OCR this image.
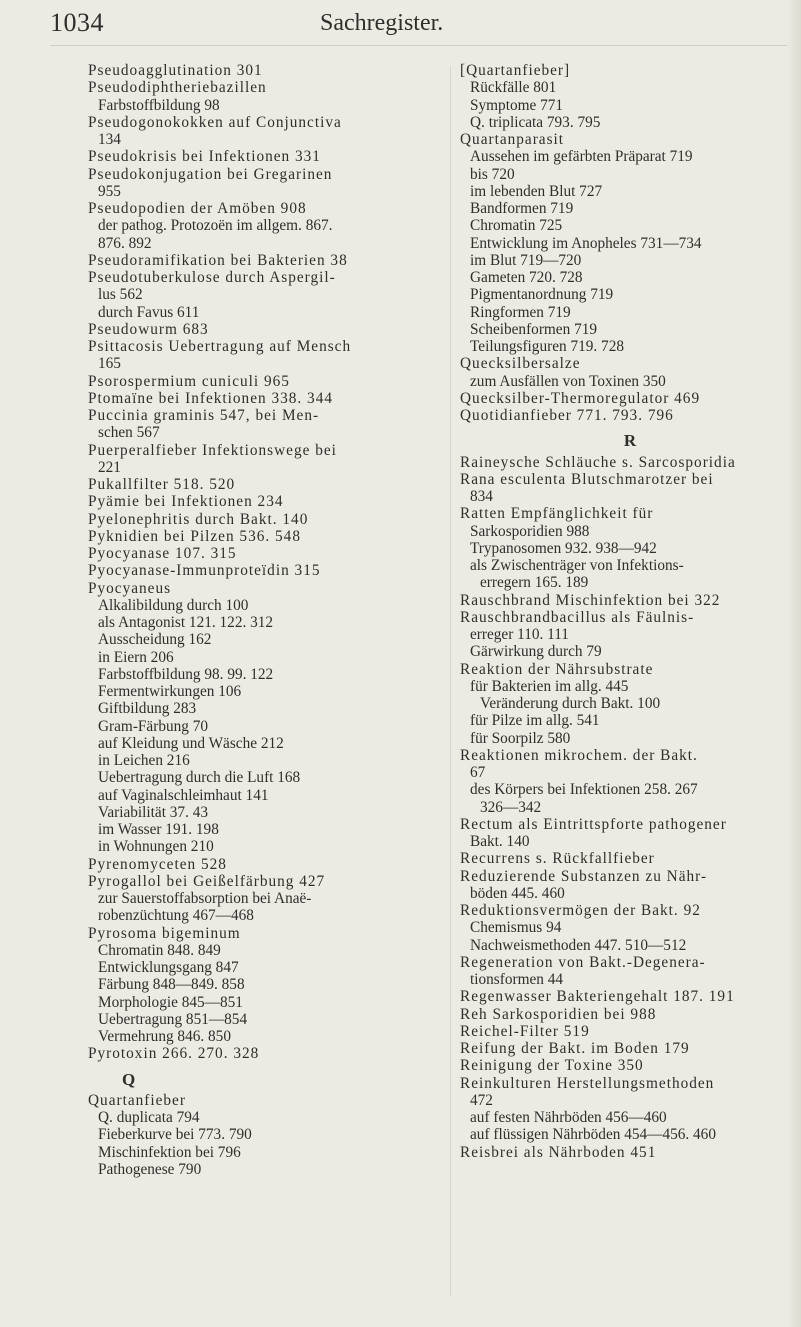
1034	Sachregister.
Pseudoagglutination 301
Pseudodiphtheriebazillen
Farbstoffbildung 98
Pseudogonokokken auf Conjunctiva
134
Pseudokrisis bei Infektionen 331
Pseudokonjugation bei Gregarinen
955
Pseudopodien der Amöben 908
der pathog. Protozoën im allgem. 867.
876. 892
Pseudoramifikation bei Bakterien 38
Pseudotuberkulose durch Aspergil-
lus 562
durch Favus 611
Pseudowurm 683
Psittacosis Uebertragung auf Mensch
165
Psorospermium cuniculi 965
Ptomaïne bei Infektionen 338. 344
Puccinia graminis 547, bei Men-
schen 567
Puerperalfieber Infektionswege bei
221
Pukallfilter 518. 520
Pyämie bei Infektionen 234
Pyelonephritis durch Bakt. 140
Pyknidien bei Pilzen 536. 548
Pyocyanase 107. 315
Pyocyanase-Immunproteïdin 315
Pyocyaneus
Alkalibildung durch 100
als Antagonist 121. 122. 312
Ausscheidung 162
in Eiern 206
Farbstoffbildung 98. 99. 122
Fermentwirkungen 106
Giftbildung 283
Gram-Färbung 70
auf Kleidung und Wäsche 212
in Leichen 216
Uebertragung durch die Luft 168
auf Vaginalschleimhaut 141
Variabilität 37. 43
im Wasser 191. 198
in Wohnungen 210
Pyrenomyceten 528
Pyrogallol bei Geißelfärbung 427
zur Sauerstoffabsorption bei Anaë-
robenzüchtung 467—468
Pyrosoma bigeminum
Chromatin 848. 849
Entwicklungsgang 847
Färbung 848—849. 858
Morphologie 845—851
Uebertragung 851—854
Vermehrung 846. 850
Pyrotoxin 266. 270. 328
Q
Quartanfieber
Q. duplicata 794
Fieberkurve bei 773. 790
Mischinfektion bei 796
Pathogenese 790
[Quartanfieber]
Rückfälle 801
Symptome 771
Q. triplicata 793. 795
Quartanparasit
Aussehen im gefärbten Präparat 719
bis 720
im lebenden Blut 727
Bandformen 719
Chromatin 725
Entwicklung im Anopheles 731—734
im Blut 719—720
Gameten 720. 728
Pigmentanordnung 719
Ringformen 719
Scheibenformen 719
Teilungsfiguren 719. 728
Quecksilbersalze
zum Ausfällen von Toxinen 350
Quecksilber-Thermoregulator 469
Quotidianfieber 771. 793. 796
R
Raineysche Schläuche s. Sarcosporidia
Rana esculenta Blutschmarotzer bei
834
Ratten Empfänglichkeit für
Sarkosporidien 988
Trypanosomen 932. 938—942
als Zwischenträger von Infektions-
erregern 165. 189
Rauschbrand Mischinfektion bei 322
Rauschbrandbacillus als Fäulnis-
erreger 110. 111
Gärwirkung durch 79
Reaktion der Nährsubstrate
für Bakterien im allg. 445
Veränderung durch Bakt. 100
für Pilze im allg. 541
für Soorpilz 580
Reaktionen mikrochem. der Bakt.
67
des Körpers bei Infektionen 258. 267
326—342
Rectum als Eintrittspforte pathogener
Bakt. 140
Recurrens s. Rückfallfieber
Reduzierende Substanzen zu Nähr-
böden 445. 460
Reduktionsvermögen der Bakt. 92
Chemismus 94
Nachweismethoden 447. 510—512
Regeneration von Bakt.-Degenera-
tionsformen 44
Regenwasser Bakteriengehalt 187. 191
Reh Sarkosporidien bei 988
Reichel-Filter 519
Reifung der Bakt. im Boden 179
Reinigung der Toxine 350
Reinkulturen Herstellungsmethoden
472
auf festen Nährböden 456—460
auf flüssigen Nährböden 454—456. 460
Reisbrei als Nährboden 451
